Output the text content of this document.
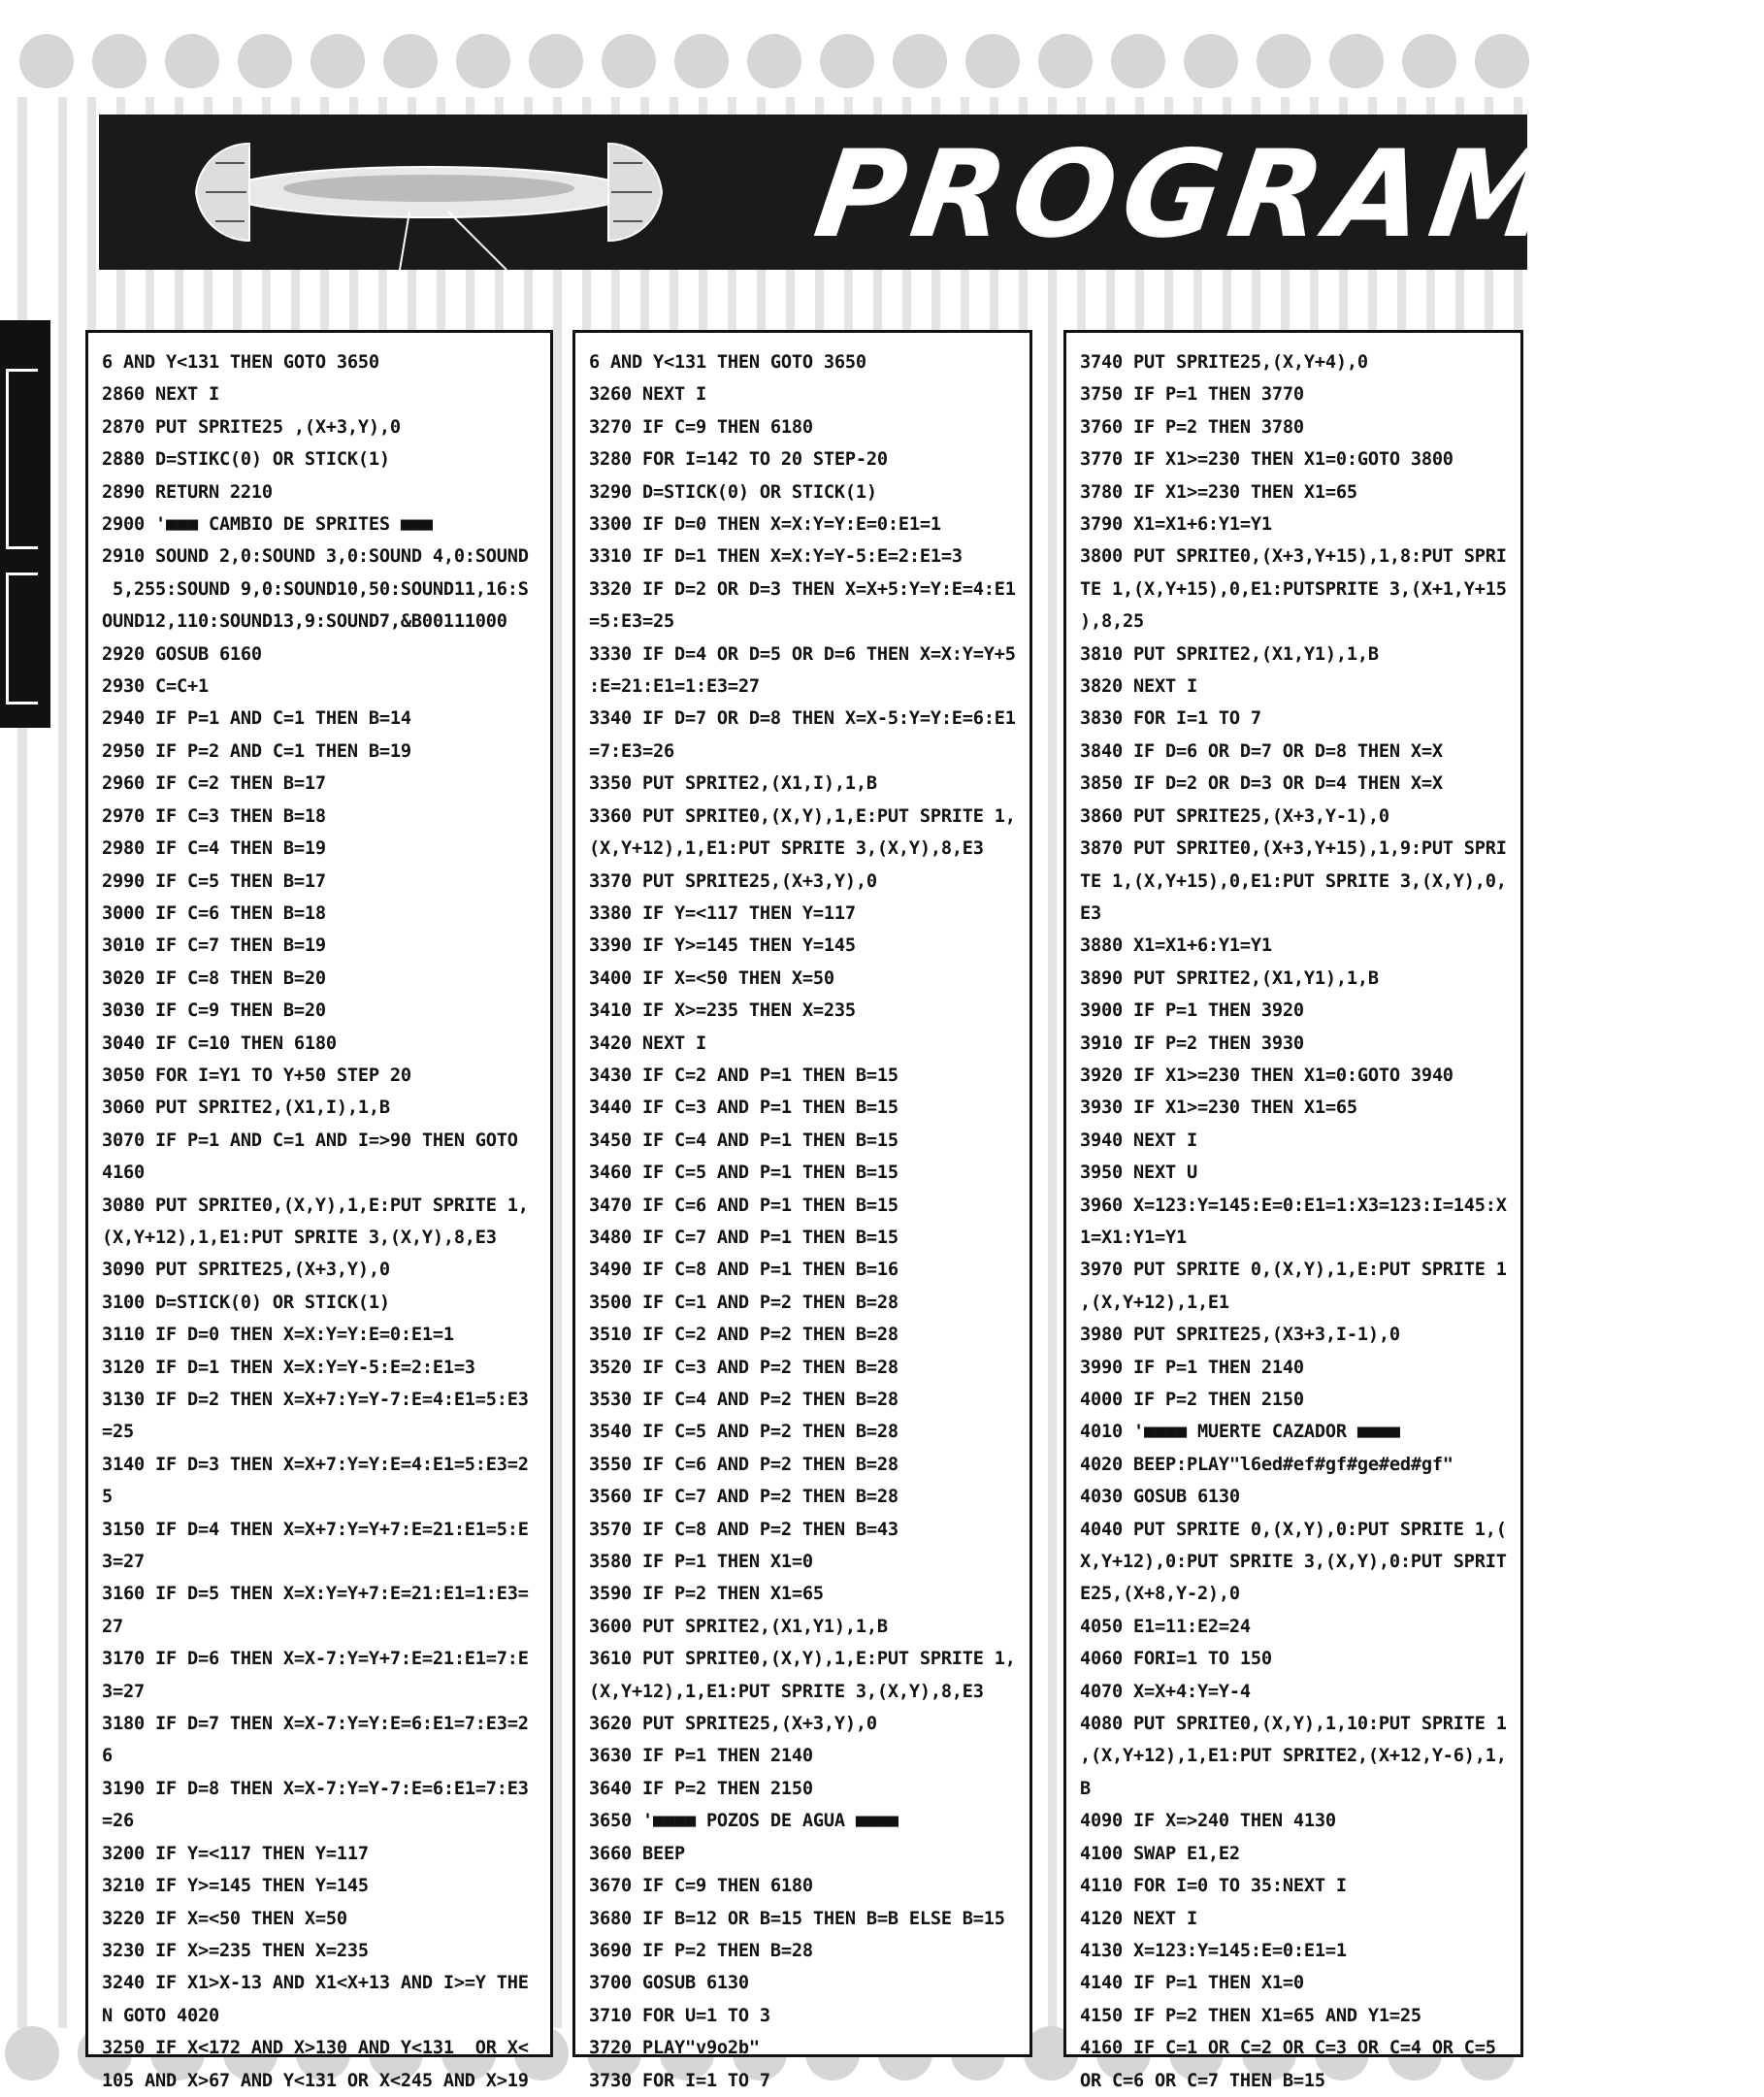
PROGRAMAS
6 AND Y<131 THEN GOTO 3650
2860 NEXT I
2870 PUT SPRITE25 ,(X+3,Y),0
2880 D=STIKC(0) OR STICK(1)
2890 RETURN 2210
2900 '■■■ CAMBIO DE SPRITES ■■■
2910 SOUND 2,0:SOUND 3,0:SOUND 4,0:SOUND
5,255:SOUND 9,0:SOUND10,50:SOUND11,16:S
OUND12,110:SOUND13,9:SOUND7,&B00111000
2920 GOSUB 6160
2930 C=C+1
2940 IF P=1 AND C=1 THEN B=14
2950 IF P=2 AND C=1 THEN B=19
2960 IF C=2 THEN B=17
2970 IF C=3 THEN B=18
2980 IF C=4 THEN B=19
2990 IF C=5 THEN B=17
3000 IF C=6 THEN B=18
3010 IF C=7 THEN B=19
3020 IF C=8 THEN B=20
3030 IF C=9 THEN B=20
3040 IF C=10 THEN 6180
3050 FOR I=Y1 TO Y+50 STEP 20
3060 PUT SPRITE2,(X1,I),1,B
3070 IF P=1 AND C=1 AND I=>90 THEN GOTO
4160
3080 PUT SPRITE0,(X,Y),1,E:PUT SPRITE 1,
(X,Y+12),1,E1:PUT SPRITE 3,(X,Y),8,E3
3090 PUT SPRITE25,(X+3,Y),0
3100 D=STICK(0) OR STICK(1)
3110 IF D=0 THEN X=X:Y=Y:E=0:E1=1
3120 IF D=1 THEN X=X:Y=Y-5:E=2:E1=3
3130 IF D=2 THEN X=X+7:Y=Y-7:E=4:E1=5:E3
=25
3140 IF D=3 THEN X=X+7:Y=Y:E=4:E1=5:E3=2
5
3150 IF D=4 THEN X=X+7:Y=Y+7:E=21:E1=5:E
3=27
3160 IF D=5 THEN X=X:Y=Y+7:E=21:E1=1:E3=
27
3170 IF D=6 THEN X=X-7:Y=Y+7:E=21:E1=7:E
3=27
3180 IF D=7 THEN X=X-7:Y=Y:E=6:E1=7:E3=2
6
3190 IF D=8 THEN X=X-7:Y=Y-7:E=6:E1=7:E3
=26
3200 IF Y=<117 THEN Y=117
3210 IF Y>=145 THEN Y=145
3220 IF X=<50 THEN X=50
3230 IF X>=235 THEN X=235
3240 IF X1>X-13 AND X1<X+13 AND I>=Y THE
N GOTO 4020
3250 IF X<172 AND X>130 AND Y<131  OR X<
105 AND X>67 AND Y<131 OR X<245 AND X>19
6 AND Y<131 THEN GOTO 3650
3260 NEXT I
3270 IF C=9 THEN 6180
3280 FOR I=142 TO 20 STEP-20
3290 D=STICK(0) OR STICK(1)
3300 IF D=0 THEN X=X:Y=Y:E=0:E1=1
3310 IF D=1 THEN X=X:Y=Y-5:E=2:E1=3
3320 IF D=2 OR D=3 THEN X=X+5:Y=Y:E=4:E1
=5:E3=25
3330 IF D=4 OR D=5 OR D=6 THEN X=X:Y=Y+5
:E=21:E1=1:E3=27
3340 IF D=7 OR D=8 THEN X=X-5:Y=Y:E=6:E1
=7:E3=26
3350 PUT SPRITE2,(X1,I),1,B
3360 PUT SPRITE0,(X,Y),1,E:PUT SPRITE 1,
(X,Y+12),1,E1:PUT SPRITE 3,(X,Y),8,E3
3370 PUT SPRITE25,(X+3,Y),0
3380 IF Y=<117 THEN Y=117
3390 IF Y>=145 THEN Y=145
3400 IF X=<50 THEN X=50
3410 IF X>=235 THEN X=235
3420 NEXT I
3430 IF C=2 AND P=1 THEN B=15
3440 IF C=3 AND P=1 THEN B=15
3450 IF C=4 AND P=1 THEN B=15
3460 IF C=5 AND P=1 THEN B=15
3470 IF C=6 AND P=1 THEN B=15
3480 IF C=7 AND P=1 THEN B=15
3490 IF C=8 AND P=1 THEN B=16
3500 IF C=1 AND P=2 THEN B=28
3510 IF C=2 AND P=2 THEN B=28
3520 IF C=3 AND P=2 THEN B=28
3530 IF C=4 AND P=2 THEN B=28
3540 IF C=5 AND P=2 THEN B=28
3550 IF C=6 AND P=2 THEN B=28
3560 IF C=7 AND P=2 THEN B=28
3570 IF C=8 AND P=2 THEN B=43
3580 IF P=1 THEN X1=0
3590 IF P=2 THEN X1=65
3600 PUT SPRITE2,(X1,Y1),1,B
3610 PUT SPRITE0,(X,Y),1,E:PUT SPRITE 1,
(X,Y+12),1,E1:PUT SPRITE 3,(X,Y),8,E3
3620 PUT SPRITE25,(X+3,Y),0
3630 IF P=1 THEN 2140
3640 IF P=2 THEN 2150
3650 '■■■■ POZOS DE AGUA ■■■■
3660 BEEP
3670 IF C=9 THEN 6180
3680 IF B=12 OR B=15 THEN B=B ELSE B=15
3690 IF P=2 THEN B=28
3700 GOSUB 6130
3710 FOR U=1 TO 3
3720 PLAY"v9o2b"
3730 FOR I=1 TO 7
3740 PUT SPRITE25,(X,Y+4),0
3750 IF P=1 THEN 3770
3760 IF P=2 THEN 3780
3770 IF X1>=230 THEN X1=0:GOTO 3800
3780 IF X1>=230 THEN X1=65
3790 X1=X1+6:Y1=Y1
3800 PUT SPRITE0,(X+3,Y+15),1,8:PUT SPRI
TE 1,(X,Y+15),0,E1:PUTSPRITE 3,(X+1,Y+15
),8,25
3810 PUT SPRITE2,(X1,Y1),1,B
3820 NEXT I
3830 FOR I=1 TO 7
3840 IF D=6 OR D=7 OR D=8 THEN X=X
3850 IF D=2 OR D=3 OR D=4 THEN X=X
3860 PUT SPRITE25,(X+3,Y-1),0
3870 PUT SPRITE0,(X+3,Y+15),1,9:PUT SPRI
TE 1,(X,Y+15),0,E1:PUT SPRITE 3,(X,Y),0,
E3
3880 X1=X1+6:Y1=Y1
3890 PUT SPRITE2,(X1,Y1),1,B
3900 IF P=1 THEN 3920
3910 IF P=2 THEN 3930
3920 IF X1>=230 THEN X1=0:GOTO 3940
3930 IF X1>=230 THEN X1=65
3940 NEXT I
3950 NEXT U
3960 X=123:Y=145:E=0:E1=1:X3=123:I=145:X
1=X1:Y1=Y1
3970 PUT SPRITE 0,(X,Y),1,E:PUT SPRITE 1
,(X,Y+12),1,E1
3980 PUT SPRITE25,(X3+3,I-1),0
3990 IF P=1 THEN 2140
4000 IF P=2 THEN 2150
4010 '■■■■ MUERTE CAZADOR ■■■■
4020 BEEP:PLAY"l6ed#ef#gf#ge#ed#gf"
4030 GOSUB 6130
4040 PUT SPRITE 0,(X,Y),0:PUT SPRITE 1,(
X,Y+12),0:PUT SPRITE 3,(X,Y),0:PUT SPRIT
E25,(X+8,Y-2),0
4050 E1=11:E2=24
4060 FORI=1 TO 150
4070 X=X+4:Y=Y-4
4080 PUT SPRITE0,(X,Y),1,10:PUT SPRITE 1
,(X,Y+12),1,E1:PUT SPRITE2,(X+12,Y-6),1,
B
4090 IF X=>240 THEN 4130
4100 SWAP E1,E2
4110 FOR I=0 TO 35:NEXT I
4120 NEXT I
4130 X=123:Y=145:E=0:E1=1
4140 IF P=1 THEN X1=0
4150 IF P=2 THEN X1=65 AND Y1=25
4160 IF C=1 OR C=2 OR C=3 OR C=4 OR C=5
OR C=6 OR C=7 THEN B=15
